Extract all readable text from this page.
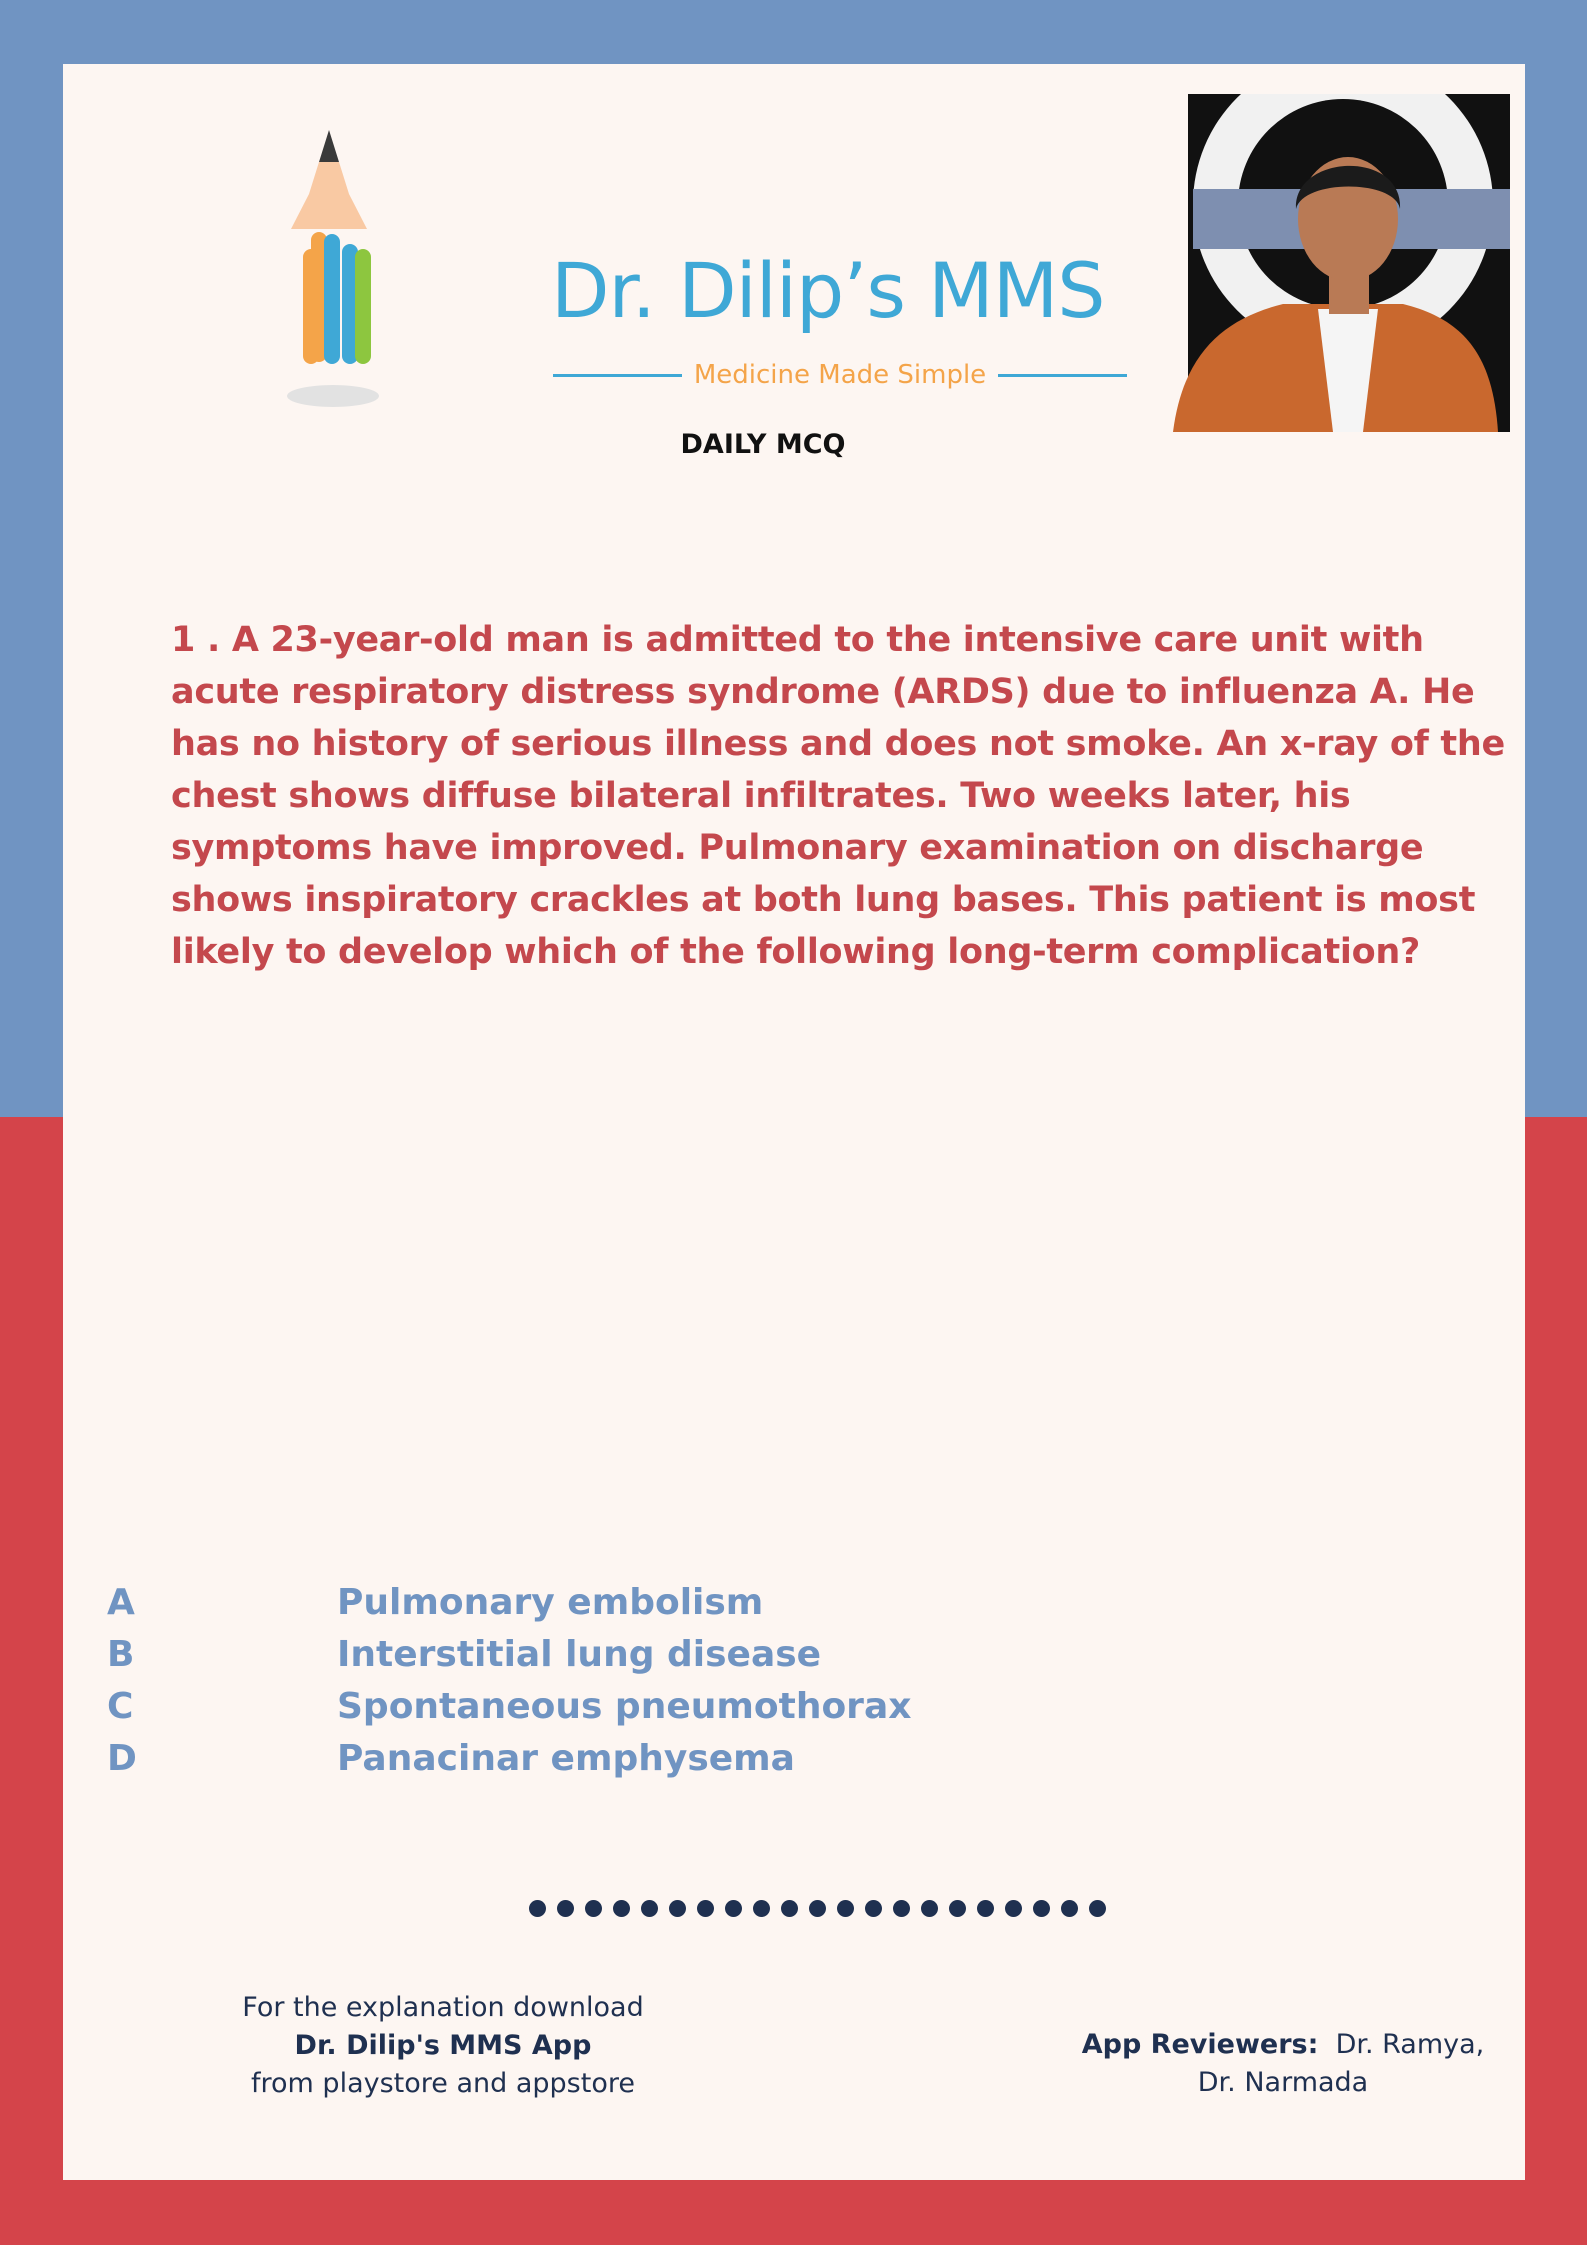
Dr. Dilip’s MMS
Medicine Made Simple
DAILY MCQ
1 . A 23-year-old man is admitted to the intensive care unit with acute respiratory distress syndrome (ARDS) due to influenza A. He has no history of serious illness and does not smoke. An x-ray of the chest shows diffuse bilateral infiltrates. Two weeks later, his symptoms have improved. Pulmonary examination on discharge shows inspiratory crackles at both lung bases. This patient is most likely to develop which of the following long-term complication?
A	Pulmonary embolism
B	Interstitial lung disease
C	Spontaneous pneumothorax
D	Panacinar emphysema
For the explanation download
Dr. Dilip's MMS App
from playstore and appstore
App Reviewers: Dr. Ramya,
Dr. Narmada
